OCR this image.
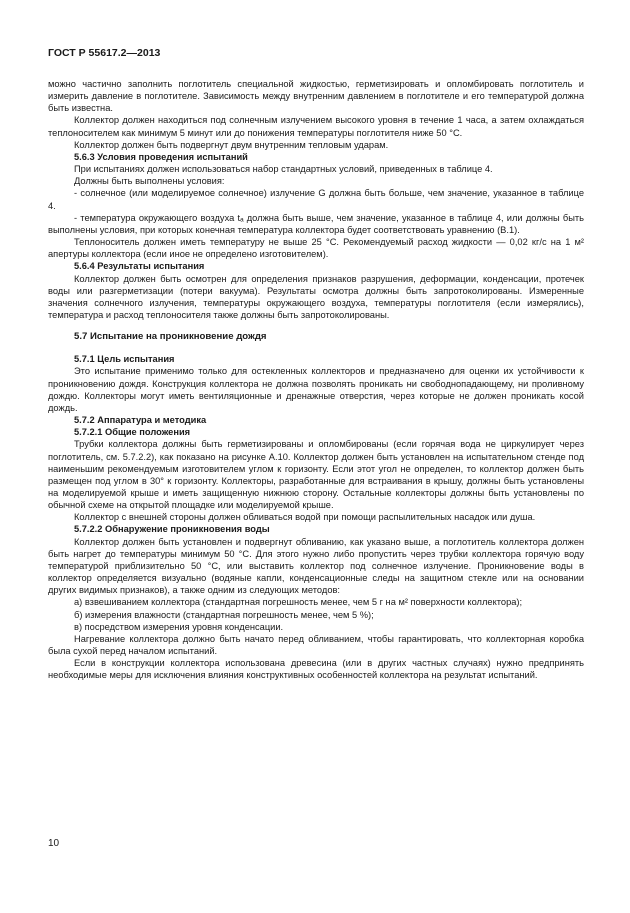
ГОСТ Р 55617.2—2013

можно частично заполнить поглотитель специальной жидкостью, герметизировать и опломбировать поглотитель и измерить давление в поглотителе. Зависимость между внутренним давлением в поглотителе и его температурой должна быть известна.

Коллектор должен находиться под солнечным излучением высокого уровня в течение 1 часа, а затем охлаждаться теплоносителем как минимум 5 минут или до понижения температуры поглотителя ниже 50 °С.

Коллектор должен быть подвергнут двум внутренним тепловым ударам.

5.6.3 Условия проведения испытаний

При испытаниях должен использоваться набор стандартных условий, приведенных в таблице 4.

Должны быть выполнены условия:

- солнечное (или моделируемое солнечное) излучение G должна быть больше, чем значение, указанное в таблице 4.

- температура окружающего воздуха tₐ должна быть выше, чем значение, указанное в таблице 4, или должны быть выполнены условия, при которых конечная температура коллектора будет соответствовать уравнению (В.1).

Теплоноситель должен иметь температуру не выше 25 °С. Рекомендуемый расход жидкости — 0,02 кг/с на 1 м² апертуры коллектора (если иное не определено изготовителем).

5.6.4 Результаты испытания

Коллектор должен быть осмотрен для определения признаков разрушения, деформации, конденсации, протечек воды или разгерметизации (потери вакуума). Результаты осмотра должны быть запротоколированы. Измеренные значения солнечного излучения, температуры окружающего воздуха, температуры поглотителя (если измерялись), температура и расход теплоносителя также должны быть запротоколированы.

5.7 Испытание на проникновение дождя
5.7.1 Цель испытания

Это испытание применимо только для остекленных коллекторов и предназначено для оценки их устойчивости к проникновению дождя. Конструкция коллектора не должна позволять проникать ни свободнопадающему, ни проливному дождю. Коллекторы могут иметь вентиляционные и дренажные отверстия, через которые не должен проникать косой дождь.

5.7.2 Аппаратура и методика
5.7.2.1 Общие положения

Трубки коллектора должны быть герметизированы и опломбированы (если горячая вода не циркулирует через поглотитель, см. 5.7.2.2), как показано на рисунке А.10. Коллектор должен быть установлен на испытательном стенде под наименьшим рекомендуемым изготовителем углом к горизонту. Если этот угол не определен, то коллектор должен быть размещен под углом в 30° к горизонту. Коллекторы, разработанные для встраивания в крышу, должны быть установлены на моделируемой крыше и иметь защищенную нижнюю сторону. Остальные коллекторы должны быть установлены по обычной схеме на открытой площадке или моделируемой крыше.

Коллектор с внешней стороны должен обливаться водой при помощи распылительных насадок или душа.

5.7.2.2 Обнаружение проникновения воды

Коллектор должен быть установлен и подвергнут обливанию, как указано выше, а поглотитель коллектора должен быть нагрет до температуры минимум 50 °С. Для этого нужно либо пропустить через трубки коллектора горячую воду температурой приблизительно 50 °С, или выставить коллектор под солнечное излучение. Проникновение воды в коллектор определяется визуально (водяные капли, конденсационные следы на защитном стекле или на основании других видимых признаков), а также одним из следующих методов:

а) взвешиванием коллектора (стандартная погрешность менее, чем 5 г на м² поверхности коллектора);

б) измерения влажности (стандартная погрешность менее, чем 5 %);

в) посредством измерения уровня конденсации.

Нагревание коллектора должно быть начато перед обливанием, чтобы гарантировать, что коллекторная коробка была сухой перед началом испытаний.

Если в конструкции коллектора использована древесина (или в других частных случаях) нужно предпринять необходимые меры для исключения влияния конструктивных особенностей коллектора на результат испытаний.

10
